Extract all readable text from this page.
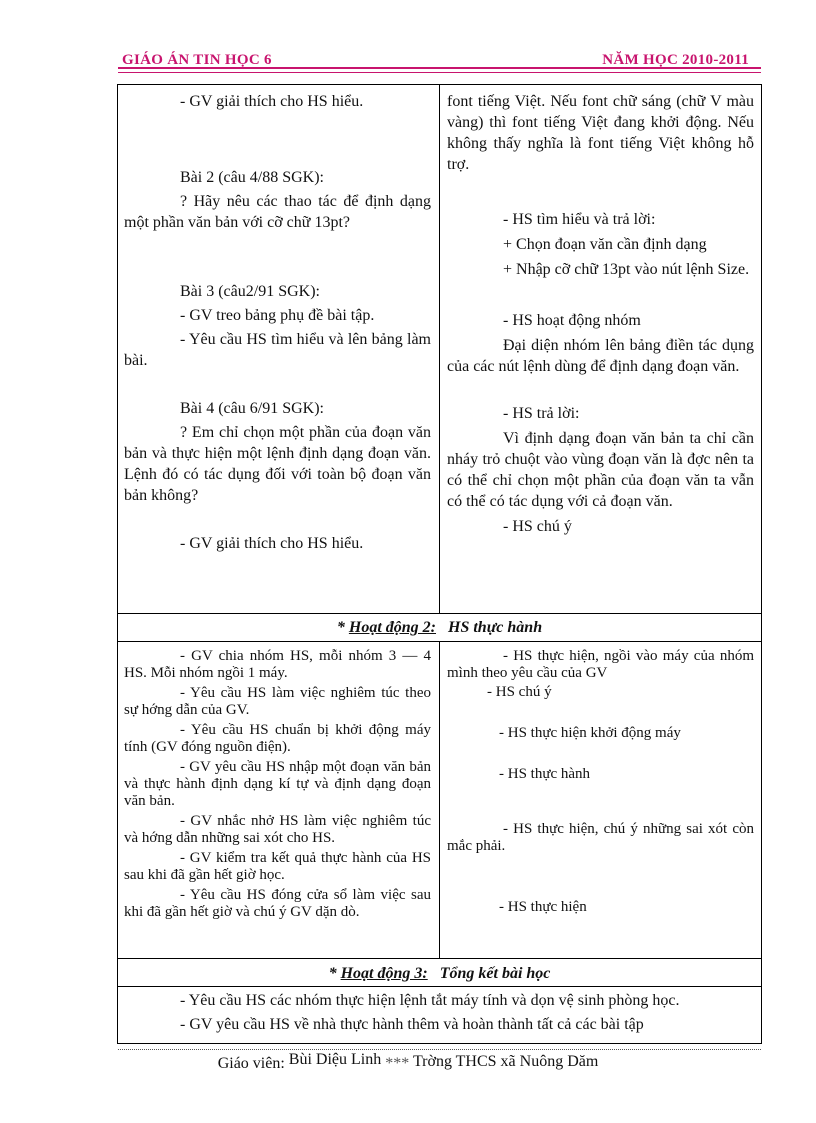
GIÁO ÁN TIN HỌC 6	NĂM HỌC 2010-2011

- GV giải thích cho HS hiểu.

Bài 2 (câu 4/88 SGK):

? Hãy nêu các thao tác để định dạng một phần văn bản với cỡ chữ 13pt?

Bài 3 (câu2/91 SGK):

- GV treo bảng phụ đề bài tập.

- Yêu cầu HS tìm hiểu và lên bảng làm bài.

Bài 4 (câu 6/91 SGK):

? Em chỉ chọn một phần của đoạn văn bản và thực hiện một lệnh định dạng đoạn văn. Lệnh đó có tác dụng đối với toàn bộ đoạn văn bản không?

- GV giải thích cho HS hiểu.

font tiếng Việt. Nếu font chữ sáng (chữ V màu vàng) thì font tiếng Việt đang khởi động. Nếu không thấy nghĩa là font tiếng Việt không hỗ trợ.

- HS tìm hiểu và trả lời:

+ Chọn đoạn văn cần định dạng

+ Nhập cỡ chữ 13pt vào nút lệnh Size.

- HS hoạt động nhóm

Đại diện nhóm lên bảng điền tác dụng của các nút lệnh dùng để định dạng đoạn văn.

- HS trả lời:

Vì định dạng đoạn văn bản ta chỉ cần nháy trỏ chuột vào vùng đoạn văn là đợc nên ta có thể chỉ chọn một phần của đoạn văn ta vẫn có thể có tác dụng với cả đoạn văn.

- HS chú ý

* Hoạt động 2: HS thực hành

- GV chia nhóm HS, mỗi nhóm 3 — 4 HS. Mỗi nhóm ngồi 1 máy.

- Yêu cầu HS làm việc nghiêm túc theo sự hớng dẫn của GV.

- Yêu cầu HS chuẩn bị khởi động máy tính (GV đóng nguồn điện).

- GV yêu cầu HS nhập một đoạn văn bản và thực hành định dạng kí tự và định dạng đoạn văn bản.

- GV nhắc nhở HS làm việc nghiêm túc và hớng dẫn những sai xót cho HS.

- GV kiểm tra kết quả thực hành của HS sau khi đã gần hết giờ học.

- Yêu cầu HS đóng cửa sổ làm việc sau khi đã gần hết giờ và chú ý GV dặn dò.

- HS thực hiện, ngồi vào máy của nhóm mình theo yêu cầu của GV

- HS chú ý

- HS thực hiện khởi động máy

- HS thực hành

- HS thực hiện, chú ý những sai xót còn mắc phải.

- HS thực hiện

* Hoạt động 3: Tổng kết bài học

- Yêu cầu HS các nhóm thực hiện lệnh tắt máy tính và dọn vệ sinh phòng học.

- GV yêu cầu HS về nhà thực hành thêm và hoàn thành tất cả các bài tập

Giáo viên: Bùi Diệu Linh *** Trờng THCS xã Nuông Dăm
